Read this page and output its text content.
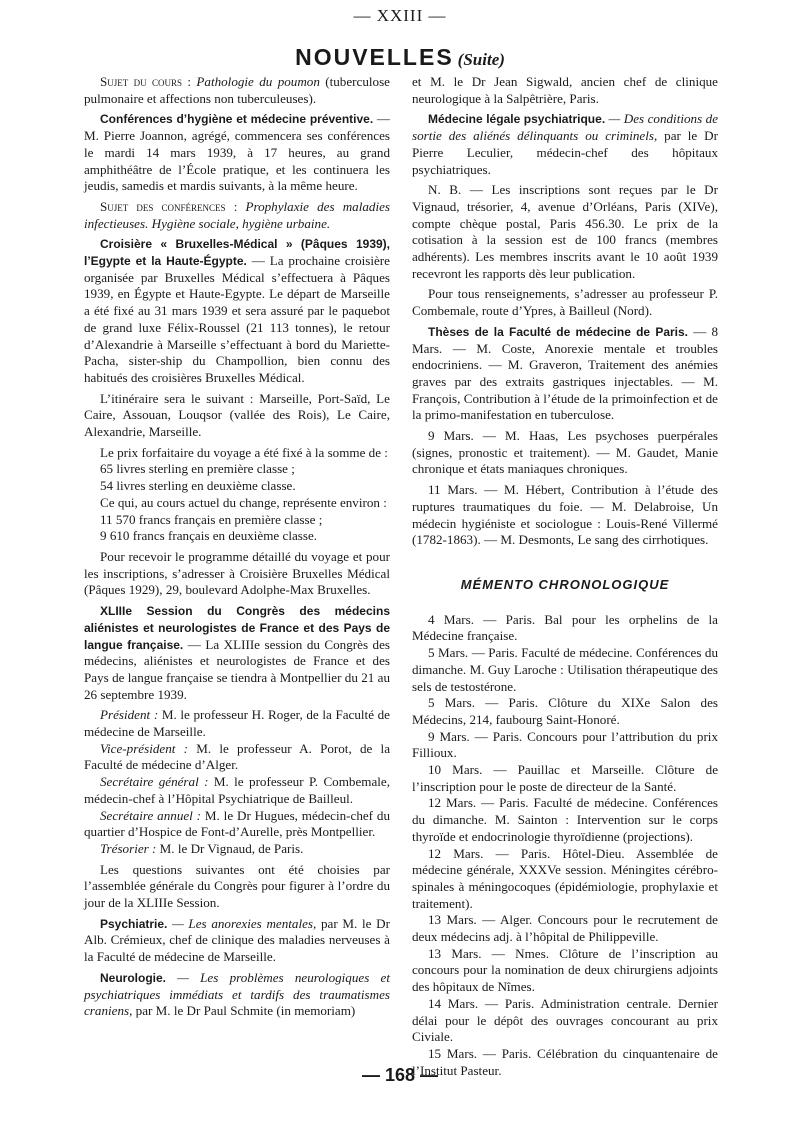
— XXIII —
NOUVELLES (Suite)

Sujet du cours : Pathologie du poumon (tuberculose pulmonaire et affections non tuberculeuses).

Conférences d’hygiène et médecine préventive. — M. Pierre Joannon, agrégé, commencera ses conférences le mardi 14 mars 1939, à 17 heures, au grand amphithéâtre de l’École pratique, et les continuera les jeudis, samedis et mardis suivants, à la même heure.

Sujet des conférences : Prophylaxie des maladies infectieuses. Hygiène sociale, hygiène urbaine.

Croisière « Bruxelles-Médical » (Pâques 1939), l’Egypte et la Haute-Égypte. — La prochaine croisière organisée par Bruxelles Médical s’effectuera à Pâques 1939, en Égypte et Haute-Egypte. Le départ de Marseille a été fixé au 31 mars 1939 et sera assuré par le paquebot de grand luxe Félix-Roussel (21 113 tonnes), le retour d’Alexandrie à Marseille s’effectuant à bord du Mariette-Pacha, sister-ship du Champollion, bien connu des habitués des croisières Bruxelles Médical.

L’itinéraire sera le suivant : Marseille, Port-Saïd, Le Caire, Assouan, Louqsor (vallée des Rois), Le Caire, Alexandrie, Marseille.

Le prix forfaitaire du voyage a été fixé à la somme de :

65 livres sterling en première classe ;

54 livres sterling en deuxième classe.

Ce qui, au cours actuel du change, représente environ :

11 570 francs français en première classe ;

9 610 francs français en deuxième classe.

Pour recevoir le programme détaillé du voyage et pour les inscriptions, s’adresser à Croisière Bruxelles Médical (Pâques 1929), 29, boulevard Adolphe-Max Bruxelles.

XLIIIe Session du Congrès des médecins aliénistes et neurologistes de France et des Pays de langue française. — La XLIIIe session du Congrès des médecins, aliénistes et neurologistes de France et des Pays de langue française se tiendra à Montpellier du 21 au 26 septembre 1939.

Président : M. le professeur H. Roger, de la Faculté de médecine de Marseille.

Vice-président : M. le professeur A. Porot, de la Faculté de médecine d’Alger.

Secrétaire général : M. le professeur P. Combemale, médecin-chef à l’Hôpital Psychiatrique de Bailleul.

Secrétaire annuel : M. le Dr Hugues, médecin-chef du quartier d’Hospice de Font-d’Aurelle, près Montpellier.

Trésorier : M. le Dr Vignaud, de Paris.

Les questions suivantes ont été choisies par l’assemblée générale du Congrès pour figurer à l’ordre du jour de la XLIIIe Session.

Psychiatrie. — Les anorexies mentales, par M. le Dr Alb. Crémieux, chef de clinique des maladies nerveuses à la Faculté de médecine de Marseille.

Neurologie. — Les problèmes neurologiques et psychiatriques immédiats et tardifs des traumatismes craniens, par M. le Dr Paul Schmite (in memoriam)

et M. le Dr Jean Sigwald, ancien chef de clinique neurologique à la Salpêtrière, Paris.

Médecine légale psychiatrique. — Des conditions de sortie des aliénés délinquants ou criminels, par le Dr Pierre Leculier, médecin-chef des hôpitaux psychiatriques.

N. B. — Les inscriptions sont reçues par le Dr Vignaud, trésorier, 4, avenue d’Orléans, Paris (XIVe), compte chèque postal, Paris 456.30. Le prix de la cotisation à la session est de 100 francs (membres adhérents). Les membres inscrits avant le 10 août 1939 recevront les rapports dès leur publication.

Pour tous renseignements, s’adresser au professeur P. Combemale, route d’Ypres, à Bailleul (Nord).

Thèses de la Faculté de médecine de Paris. — 8 Mars. — M. Coste, Anorexie mentale et troubles endocriniens. — M. Graveron, Traitement des anémies graves par des extraits gastriques injectables. — M. François, Contribution à l’étude de la primoinfection et de la primo-manifestation en tuberculose.

9 Mars. — M. Haas, Les psychoses puerpérales (signes, pronostic et traitement). — M. Gaudet, Manie chronique et états maniaques chroniques.

11 Mars. — M. Hébert, Contribution à l’étude des ruptures traumatiques du foie. — M. Delabroise, Un médecin hygiéniste et sociologue : Louis-René Villermé (1782-1863). — M. Desmonts, Le sang des cirrhotiques.

MÉMENTO CHRONOLOGIQUE

4 Mars. — Paris. Bal pour les orphelins de la Médecine française.

5 Mars. — Paris. Faculté de médecine. Conférences du dimanche. M. Guy Laroche : Utilisation thérapeutique des sels de testostérone.

5 Mars. — Paris. Clôture du XIXe Salon des Médecins, 214, faubourg Saint-Honoré.

9 Mars. — Paris. Concours pour l’attribution du prix Fillioux.

10 Mars. — Pauillac et Marseille. Clôture de l’inscription pour le poste de directeur de la Santé.

12 Mars. — Paris. Faculté de médecine. Conférences du dimanche. M. Sainton : Intervention sur le corps thyroïde et endocrinologie thyroïdienne (projections).

12 Mars. — Paris. Hôtel-Dieu. Assemblée de médecine générale, XXXVe session. Méningites cérébro-spinales à méningocoques (épidémiologie, prophylaxie et traitement).

13 Mars. — Alger. Concours pour le recrutement de deux médecins adj. à l’hôpital de Philippeville.

13 Mars. — Nmes. Clôture de l’inscription au concours pour la nomination de deux chirurgiens adjoints des hôpitaux de Nîmes.

14 Mars. — Paris. Administration centrale. Dernier délai pour le dépôt des ouvrages concourant au prix Civiale.

15 Mars. — Paris. Célébration du cinquantenaire de l’Institut Pasteur.

— 168 —
